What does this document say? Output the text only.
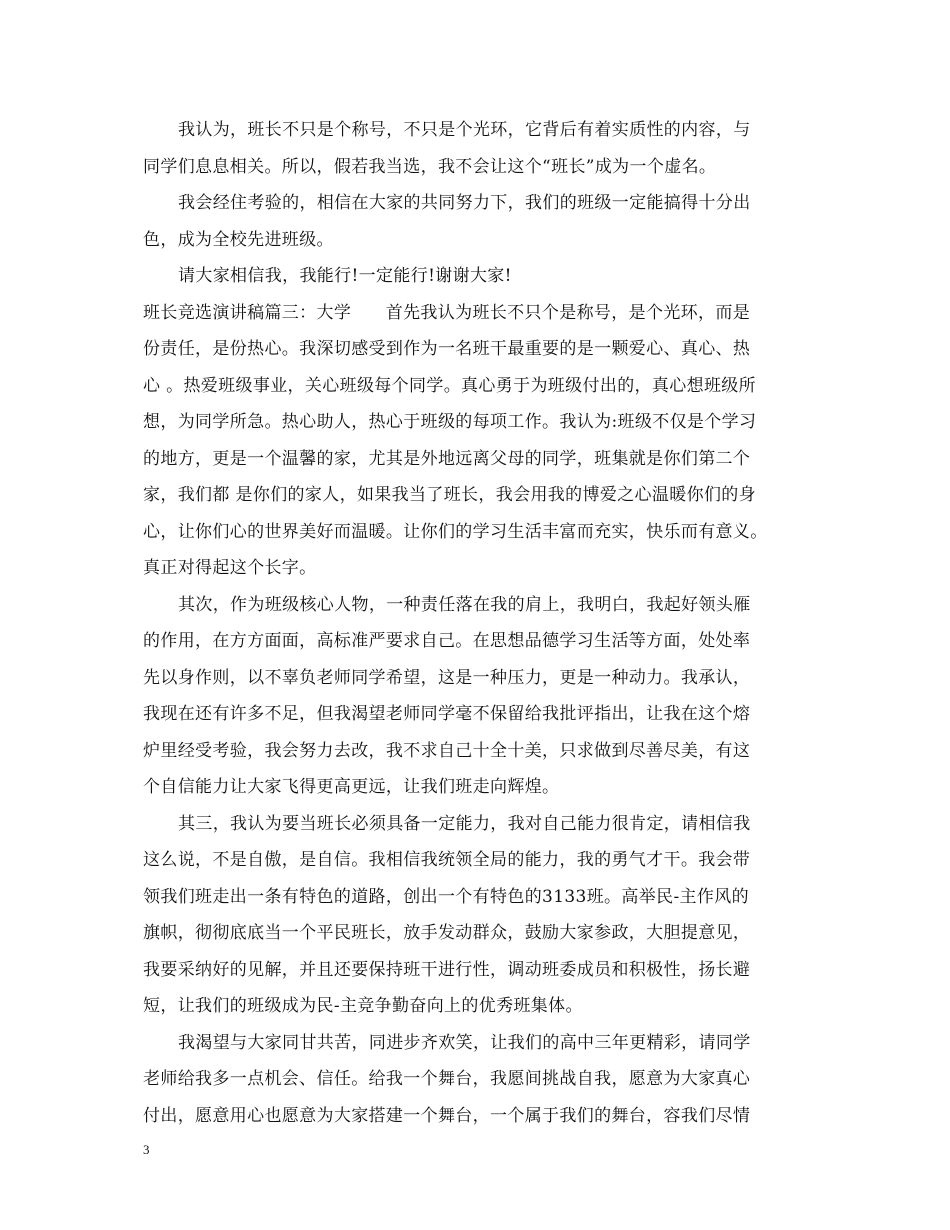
我认为，班长不只是个称号，不只是个光环，它背后有着实质性的内容，与
同学们息息相关。所以，假若我当选，我不会让这个“班长”成为一个虚名。
我会经住考验的，相信在大家的共同努力下，我们的班级一定能搞得十分出
色，成为全校先进班级。
请大家相信我，我能行!一定能行!谢谢大家!
班长竞选演讲稿篇三：大学      首先我认为班长不只个是称号，是个光环，而是
份责任，是份热心。我深切感受到作为一名班干最重要的是一颗爱心、真心、热
心 。热爱班级事业，关心班级每个同学。真心勇于为班级付出的，真心想班级所
想，为同学所急。热心助人，热心于班级的每项工作。我认为:班级不仅是个学习
的地方，更是一个温馨的家，尤其是外地远离父母的同学，班集就是你们第二个
家，我们都 是你们的家人，如果我当了班长，我会用我的博爱之心温暖你们的身
心，让你们心的世界美好而温暖。让你们的学习生活丰富而充实，快乐而有意义。
真正对得起这个长字。
其次，作为班级核心人物，一种责任落在我的肩上，我明白，我起好领头雁
的作用，在方方面面，高标准严要求自己。在思想品德学习生活等方面，处处率
先以身作则，以不辜负老师同学希望，这是一种压力，更是一种动力。我承认，
我现在还有许多不足，但我渴望老师同学毫不保留给我批评指出，让我在这个熔
炉里经受考验，我会努力去改，我不求自己十全十美，只求做到尽善尽美，有这
个自信能力让大家飞得更高更远，让我们班走向辉煌。
其三，我认为要当班长必须具备一定能力，我对自己能力很肯定，请相信我
这么说，不是自傲，是自信。我相信我统领全局的能力，我的勇气才干。我会带
领我们班走出一条有特色的道路，创出一个有特色的3133班。高举民-主作风的
旗帜，彻彻底底当一个平民班长，放手发动群众，鼓励大家参政，大胆提意见，
我要采纳好的见解，并且还要保持班干进行性，调动班委成员和积极性，扬长避
短，让我们的班级成为民-主竞争勤奋向上的优秀班集体。
我渴望与大家同甘共苦，同进步齐欢笑，让我们的高中三年更精彩，请同学
老师给我多一点机会、信任。给我一个舞台，我愿间挑战自我，愿意为大家真心
付出，愿意用心也愿意为大家搭建一个舞台，一个属于我们的舞台，容我们尽情
3
